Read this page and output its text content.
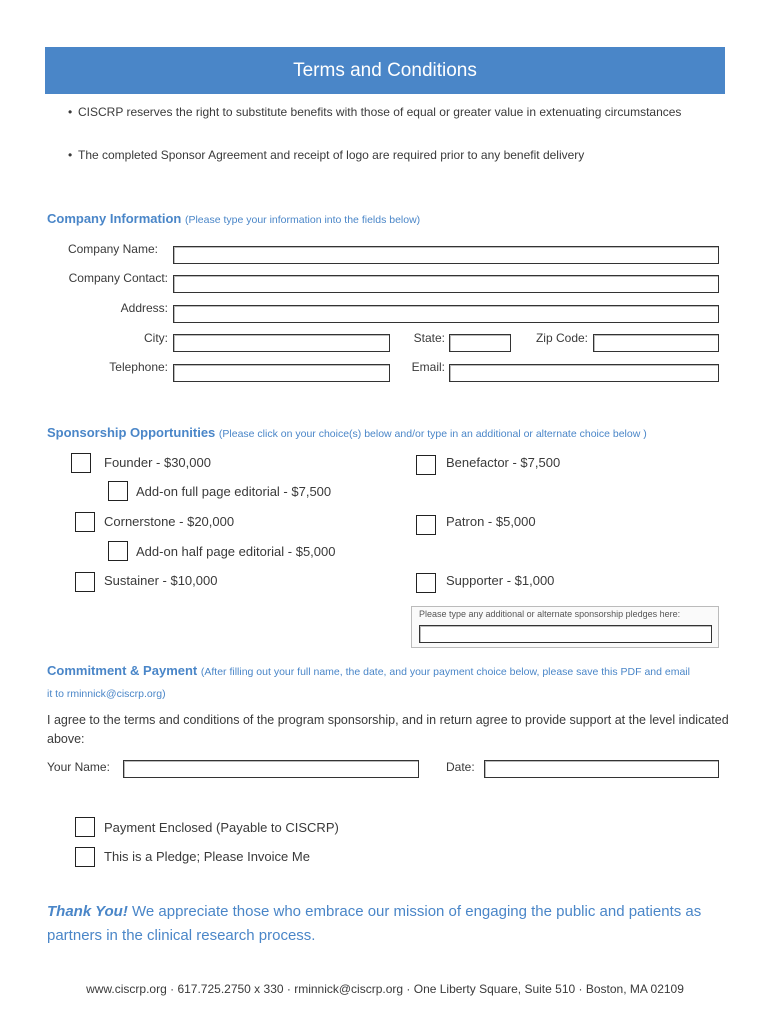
Terms and Conditions
• CISCRP reserves the right to substitute benefits with those of equal or greater value in extenuating circumstances
• The completed Sponsor Agreement and receipt of logo are required prior to any benefit delivery
Company Information (Please type your information into the fields below)
Company Name:
Company Contact:
Address:
City:	State:	Zip Code:
Telephone:	Email:
Sponsorship Opportunities (Please click on your choice(s) below and/or type in an additional or alternate choice below )
Founder - $30,000	Benefactor - $7,500
Add-on full page editorial - $7,500
Cornerstone - $20,000	Patron - $5,000
Add-on half page editorial - $5,000
Sustainer - $10,000	Supporter - $1,000
Please type any additional or alternate sponsorship pledges here:
Commitment & Payment (After filling out your full name, the date, and your payment choice below, please save this PDF and email
it to rminnick@ciscrp.org)
I agree to the terms and conditions of the program sponsorship, and in return agree to provide support at the level indicated above:
Your Name:	Date:
Payment Enclosed (Payable to CISCRP)
This is a Pledge; Please Invoice Me
Thank You! We appreciate those who embrace our mission of engaging the public and patients as partners in the clinical research process.
www.ciscrp.org · 617.725.2750 x 330 · rminnick@ciscrp.org · One Liberty Square, Suite 510 · Boston, MA 02109
